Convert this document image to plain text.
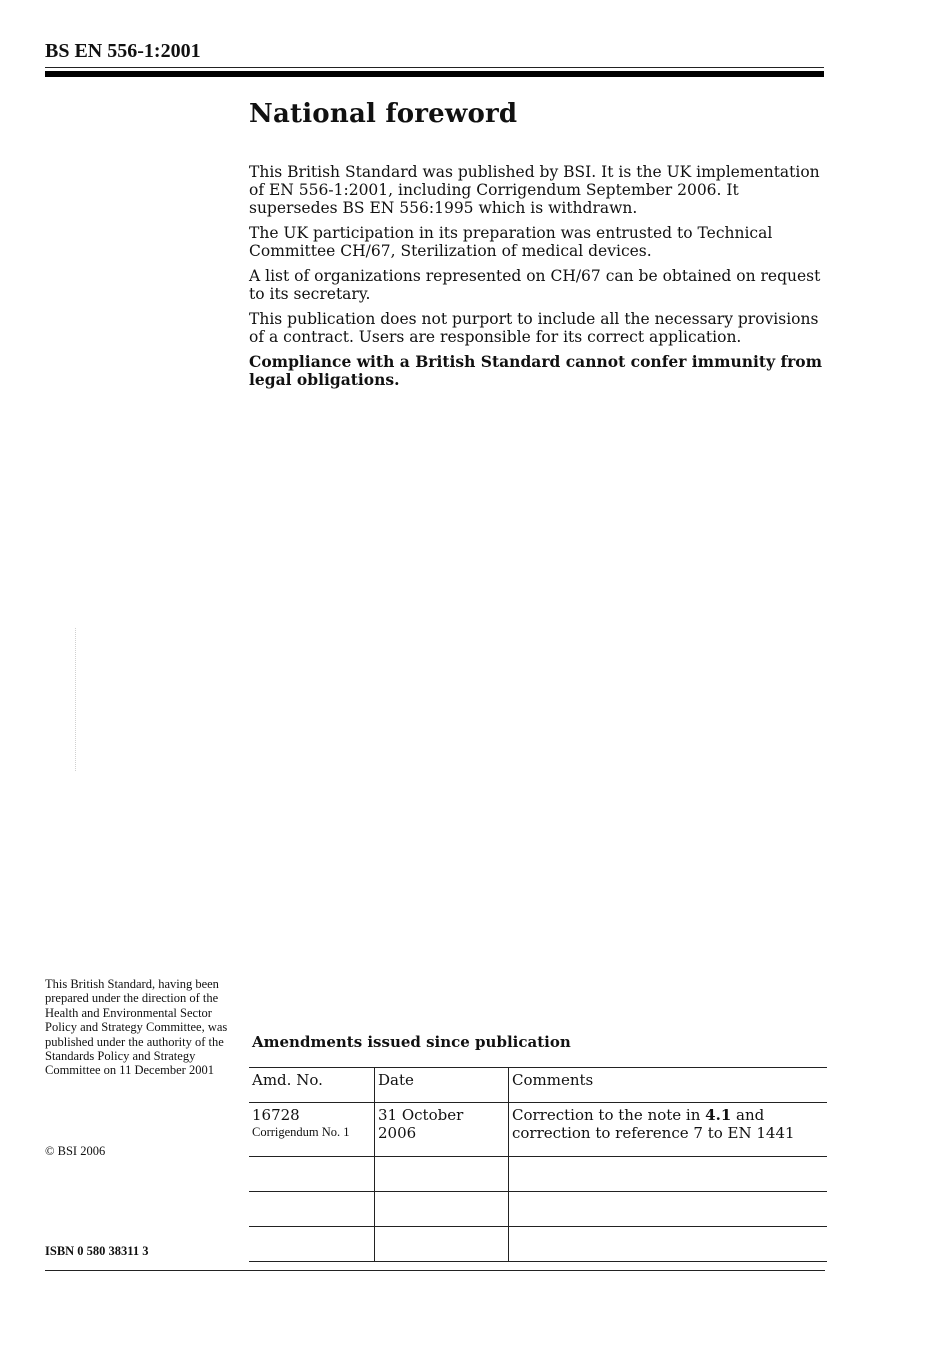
BS EN 556-1:2001
National foreword

This British Standard was published by BSI. It is the UK implementation of EN 556-1:2001, including Corrigendum September 2006. It supersedes BS EN 556:1995 which is withdrawn.

The UK participation in its preparation was entrusted to Technical Committee CH/67, Sterilization of medical devices.

A list of organizations represented on CH/67 can be obtained on request to its secretary.

This publication does not purport to include all the necessary provisions of a contract. Users are responsible for its correct application.

Compliance with a British Standard cannot confer immunity from legal obligations.

This British Standard, having been prepared under the direction of the Health and Environmental Sector Policy and Strategy Committee, was published under the authority of the Standards Policy and Strategy Committee on 11 December 2001
© BSI 2006
ISBN 0 580 38311 3
Amendments issued since publication
Amd. No.	Date	Comments
16728
Corrigendum No. 1	31 October 2006	Correction to the note in 4.1 and correction to reference 7 to EN 1441
